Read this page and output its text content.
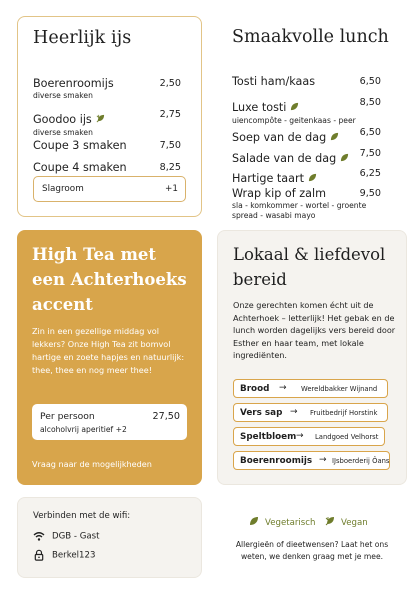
Heerlijk ijs
Boerenroomijs
diverse smaken
2,50
Goodoo ijs
diverse smaken
2,75
Coupe 3 smaken	7,50
Coupe 4 smaken	8,25
Slagroom	+1
Smaakvolle lunch
Tosti ham/kaas	6,50
Luxe tosti
uiencompôte - geitenkaas - peer
8,50
Soep van de dag	6,50
Salade van de dag 7,50
Hartige taart	6,25
Wrap kip of zalm
sla - komkommer - wortel - groente spread - wasabi mayo
9,50
High Tea met een Achterhoeks accent

Zin in een gezellige middag vol lekkers? Onze High Tea zit bomvol hartige en zoete hapjes en natuurlijk: thee, thee en nog meer thee!

Per persoon
alcoholvrij aperitief +2
27,50
Vraag naar de mogelijkheden
Lokaal & liefdevol bereid

Onze gerechten komen écht uit de Achterhoek – letterlijk! Het gebak en de lunch worden dagelijks vers bereid door Esther en haar team, met lokale ingrediënten.

Brood → Wereldbakker Wijnand
Vers sap → Fruitbedrijf Horstink
Speltbloem → Landgoed Velhorst
Boerenroomijs → IJsboerderij Ôans
Verbinden met de wifi:
DGB - Gast
Berkel123
Vegetarisch	Vegan

Allergieën of dieetwensen? Laat het ons weten, we denken graag met je mee.
